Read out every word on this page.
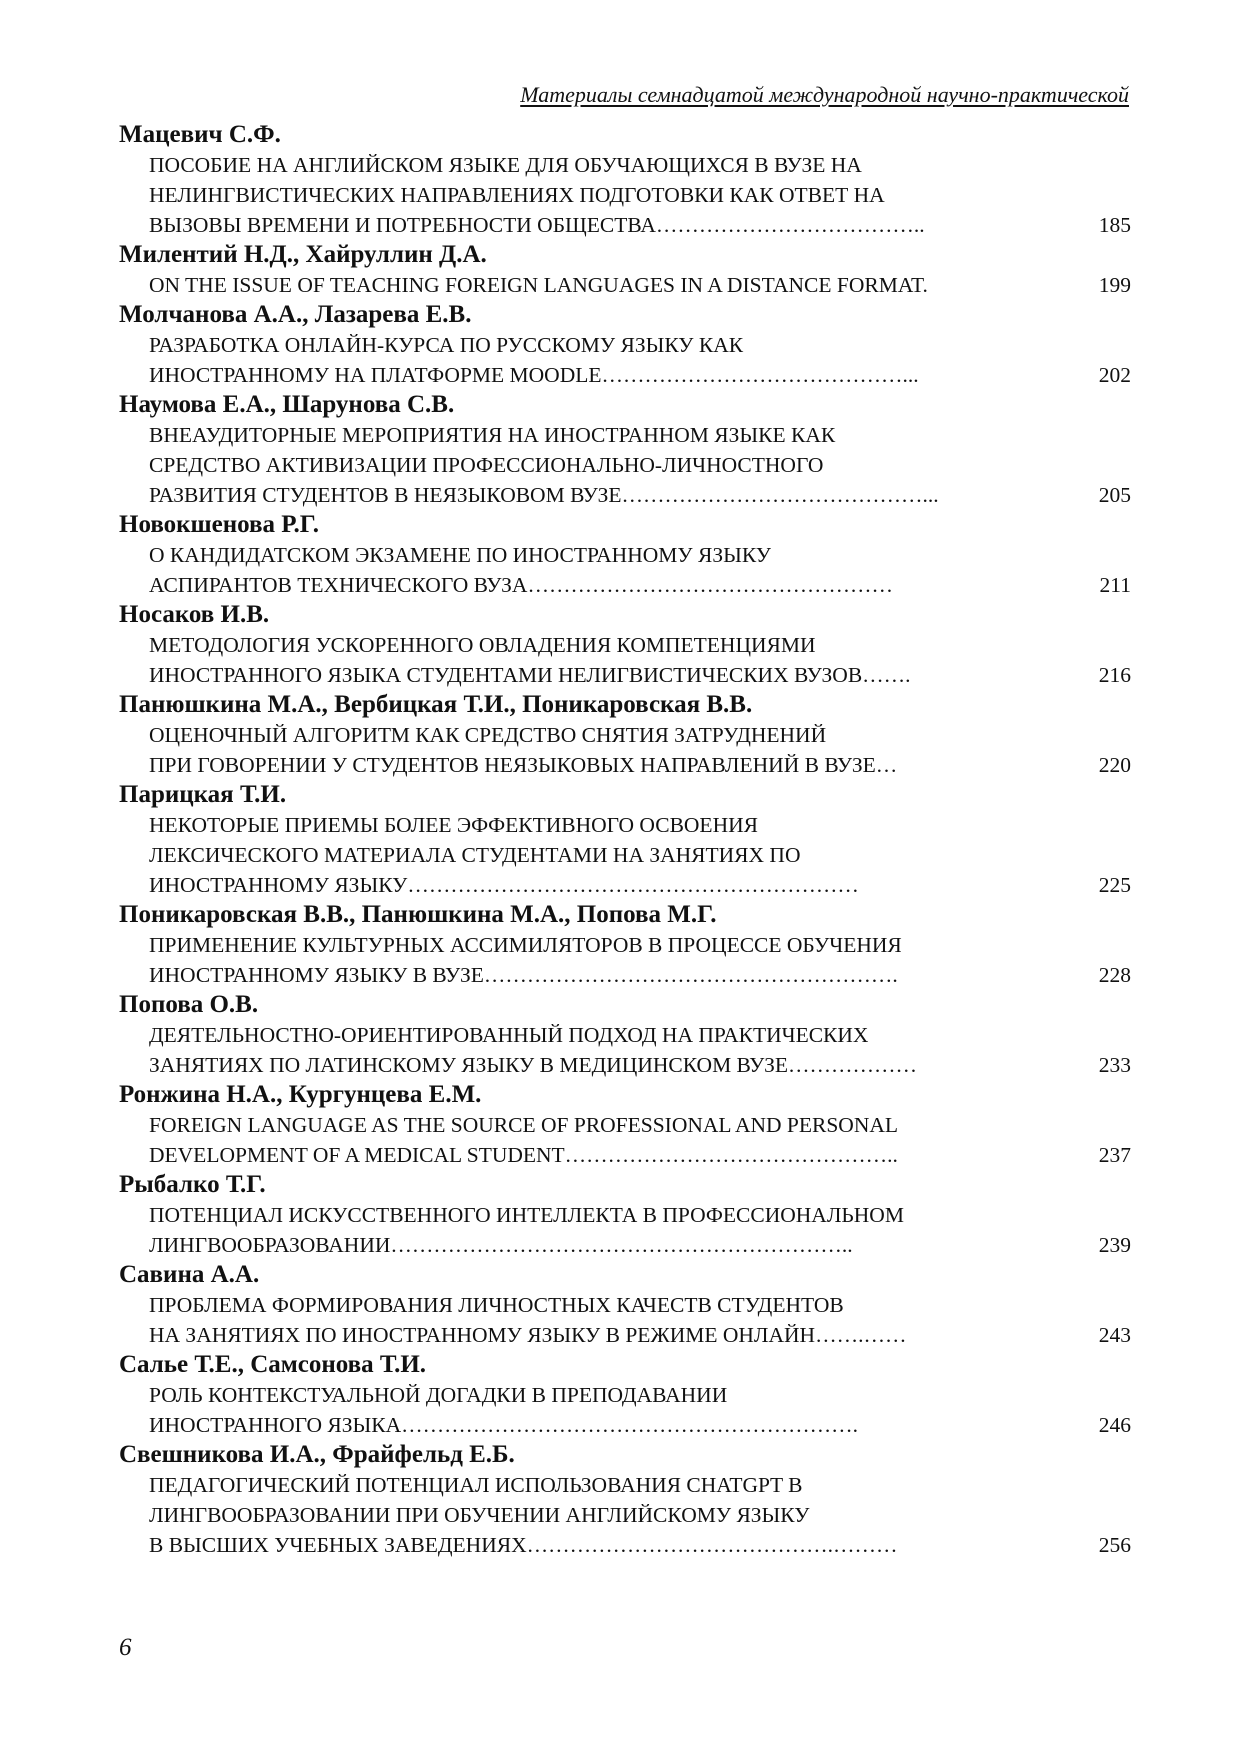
Материалы семнадцатой международной научно-практической
Мацевич С.Ф.
ПОСОБИЕ НА АНГЛИЙСКОМ ЯЗЫКЕ ДЛЯ ОБУЧАЮЩИХСЯ В ВУЗЕ НА
НЕЛИНГВИСТИЧЕСКИХ НАПРАВЛЕНИЯХ ПОДГОТОВКИ КАК ОТВЕТ НА
ВЫЗОВЫ ВРЕМЕНИ И ПОТРЕБНОСТИ ОБЩЕСТВА………………………………..	185
Милентий Н.Д., Хайруллин Д.А.
ON THE ISSUE OF TEACHING FOREIGN LANGUAGES IN A DISTANCE FORMAT.	199
Молчанова А.А., Лазарева Е.В.
РАЗРАБОТКА ОНЛАЙН-КУРСА ПО РУССКОМУ ЯЗЫКУ КАК
ИНОСТРАННОМУ НА ПЛАТФОРМЕ MOODLE……………………………………...	202
Наумова Е.А., Шарунова С.В.
ВНЕАУДИТОРНЫЕ МЕРОПРИЯТИЯ НА ИНОСТРАННОМ ЯЗЫКЕ КАК
СРЕДСТВО АКТИВИЗАЦИИ ПРОФЕССИОНАЛЬНО-ЛИЧНОСТНОГО
РАЗВИТИЯ СТУДЕНТОВ В НЕЯЗЫКОВОМ ВУЗЕ……………………………………...	205
Новокшенова Р.Г.
О КАНДИДАТСКОМ ЭКЗАМЕНЕ ПО ИНОСТРАННОМУ ЯЗЫКУ
АСПИРАНТОВ ТЕХНИЧЕСКОГО ВУЗА……………………………………………	211
Носаков И.В.
МЕТОДОЛОГИЯ УСКОРЕННОГО ОВЛАДЕНИЯ КОМПЕТЕНЦИЯМИ
ИНОСТРАННОГО ЯЗЫКА СТУДЕНТАМИ НЕЛИГВИСТИЧЕСКИХ ВУЗОВ…….	216
Панюшкина М.А., Вербицкая Т.И., Поникаровская В.В.
ОЦЕНОЧНЫЙ АЛГОРИТМ КАК СРЕДСТВО СНЯТИЯ ЗАТРУДНЕНИЙ
ПРИ ГОВОРЕНИИ У СТУДЕНТОВ НЕЯЗЫКОВЫХ НАПРАВЛЕНИЙ В ВУЗЕ…	220
Парицкая Т.И.
НЕКОТОРЫЕ ПРИЕМЫ БОЛЕЕ ЭФФЕКТИВНОГО ОСВОЕНИЯ
ЛЕКСИЧЕСКОГО МАТЕРИАЛА СТУДЕНТАМИ НА ЗАНЯТИЯХ ПО
ИНОСТРАННОМУ ЯЗЫКУ………………………………………………………	225
Поникаровская В.В., Панюшкина М.А., Попова М.Г.
ПРИМЕНЕНИЕ КУЛЬТУРНЫХ АССИМИЛЯТОРОВ В ПРОЦЕССЕ ОБУЧЕНИЯ
ИНОСТРАННОМУ ЯЗЫКУ В ВУЗЕ………………………………………………….	228
Попова О.В.
ДЕЯТЕЛЬНОСТНО-ОРИЕНТИРОВАННЫЙ ПОДХОД НА ПРАКТИЧЕСКИХ
ЗАНЯТИЯХ ПО ЛАТИНСКОМУ ЯЗЫКУ В МЕДИЦИНСКОМ ВУЗЕ………………	233
Ронжина Н.А., Кургунцева Е.М.
FOREIGN LANGUAGE AS THE SOURCE OF PROFESSIONAL AND PERSONAL
DEVELOPMENT OF A MEDICAL STUDENT………………………………………..	237
Рыбалко Т.Г.
ПОТЕНЦИАЛ ИСКУССТВЕННОГО ИНТЕЛЛЕКТА В ПРОФЕССИОНАЛЬНОМ
ЛИНГВООБРАЗОВАНИИ………………………………………………………..	239
Савина А.А.
ПРОБЛЕМА ФОРМИРОВАНИЯ ЛИЧНОСТНЫХ КАЧЕСТВ СТУДЕНТОВ
НА ЗАНЯТИЯХ ПО ИНОСТРАННОМУ ЯЗЫКУ В РЕЖИМЕ ОНЛАЙН…….……	243
Салье Т.Е., Самсонова Т.И.
РОЛЬ КОНТЕКСТУАЛЬНОЙ ДОГАДКИ В ПРЕПОДАВАНИИ
ИНОСТРАННОГО ЯЗЫКА……………………………………………………….	246
Свешникова И.А., Фрайфельд Е.Б.
ПЕДАГОГИЧЕСКИЙ ПОТЕНЦИАЛ ИСПОЛЬЗОВАНИЯ CHATGPT В
ЛИНГВООБРАЗОВАНИИ ПРИ ОБУЧЕНИИ АНГЛИЙСКОМУ ЯЗЫКУ
В ВЫСШИХ УЧЕБНЫХ ЗАВЕДЕНИЯХ…………………………………….………	256
6
